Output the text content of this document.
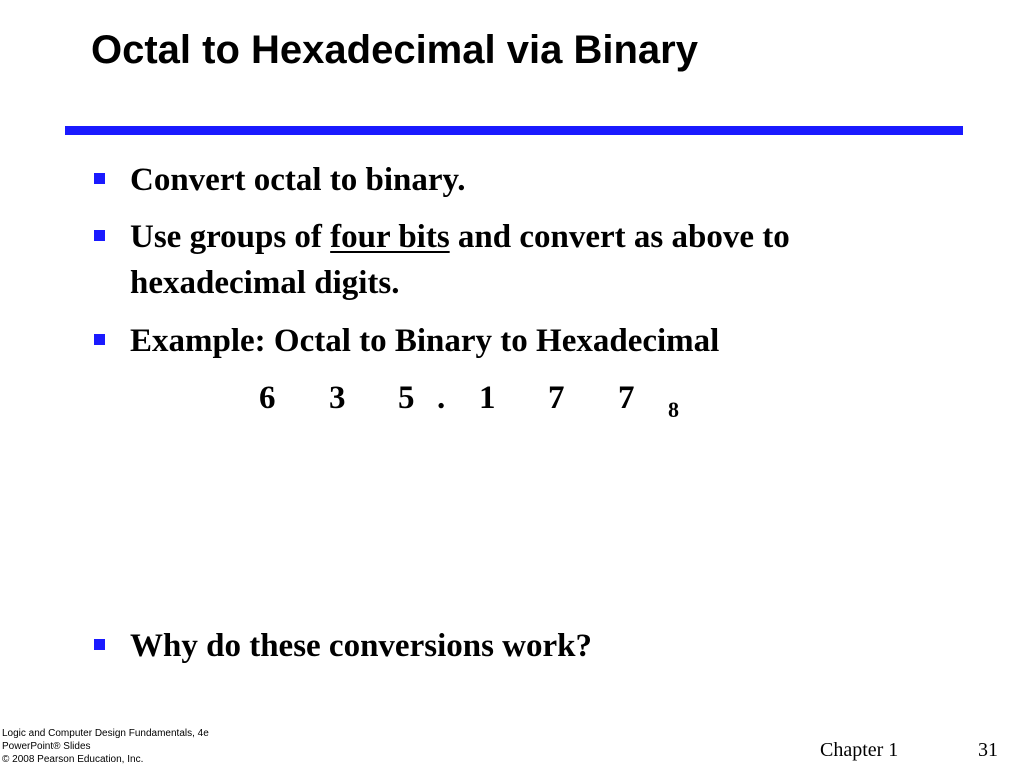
Octal to Hexadecimal via Binary
Convert octal to binary.
Use groups of four bits and convert as above to hexadecimal digits.
Example: Octal to Binary to Hexadecimal
Why do these conversions work?
6 3 5 . 1 7 7 8
Logic and Computer Design Fundamentals, 4e
PowerPoint® Slides
© 2008 Pearson Education, Inc.	Chapter 1	31
